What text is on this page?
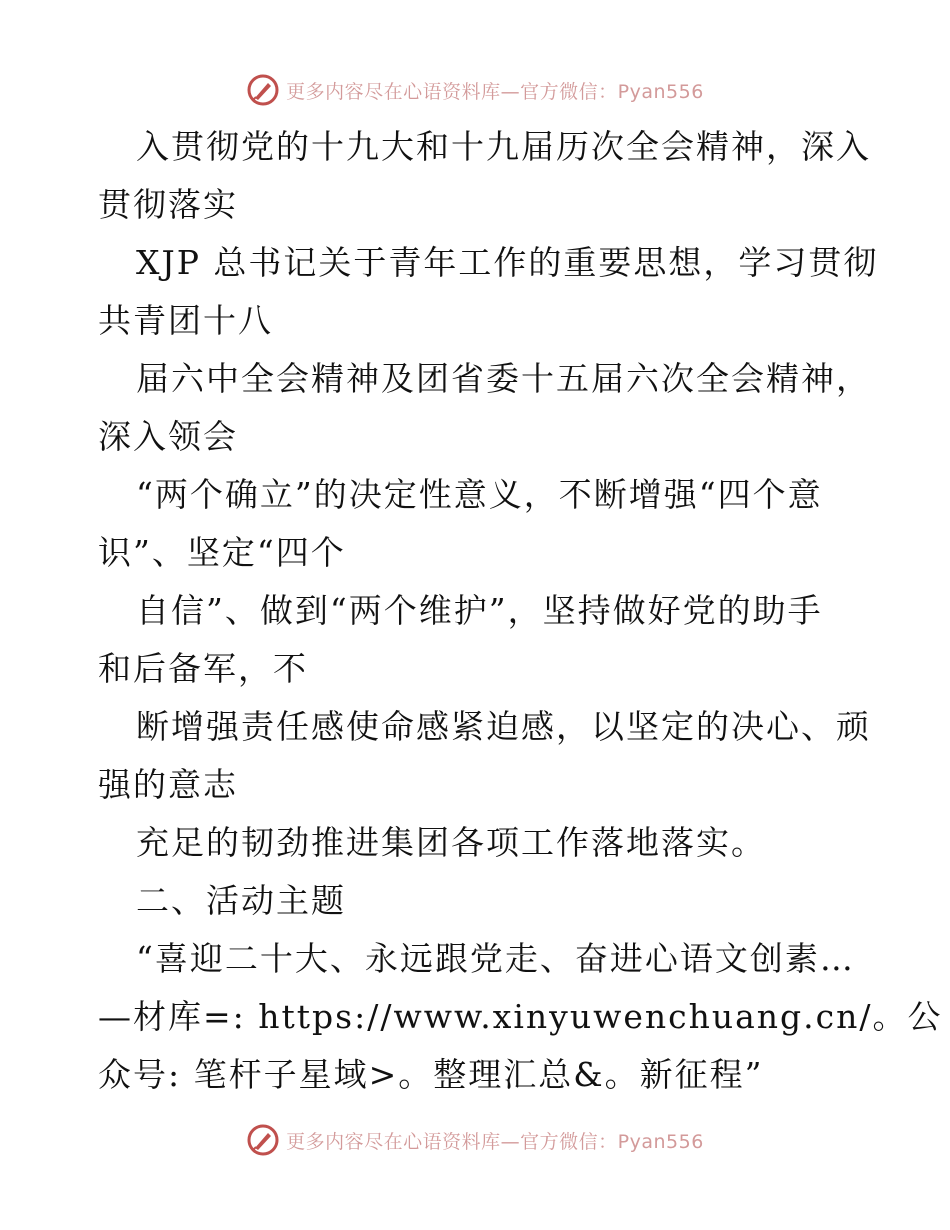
更多内容尽在心语资料库—官方微信：Pyan556
入贯彻党的十九大和十九届历次全会精神，深入
贯彻落实
XJP 总书记关于青年工作的重要思想，学习贯彻
共青团十八
届六中全会精神及团省委十五届六次全会精神，
深入领会
“两个确立”的决定性意义，不断增强“四个意
识”、坚定“四个
自信”、做到“两个维护”，坚持做好党的助手
和后备军，不
断增强责任感使命感紧迫感，以坚定的决心、顽
强的意志
充足的韧劲推进集团各项工作落地落实。
二、活动主题
“喜迎二十大、永远跟党走、奋进心语文创素…
—材库=: https://www.xinyuwenchuang.cn/。公
众号: 笔杆子星域>。整理汇总&。新征程”
更多内容尽在心语资料库—官方微信：Pyan556
